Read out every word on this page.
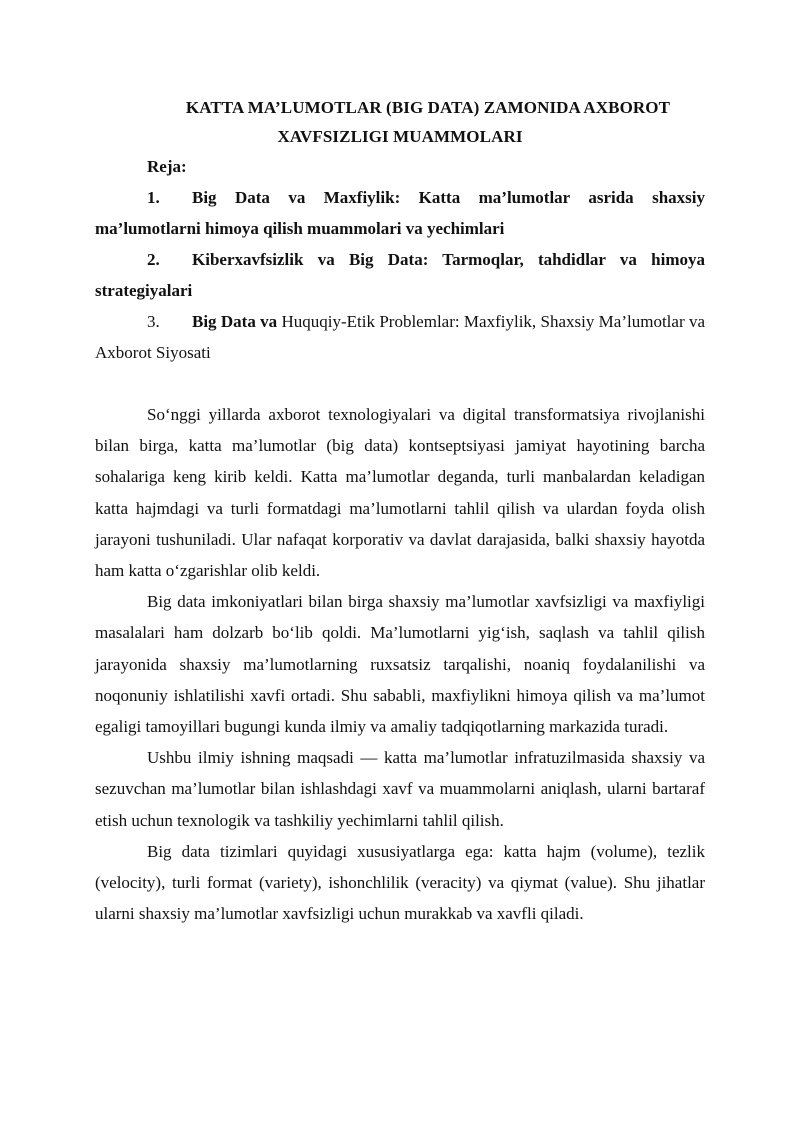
KATTA MA’LUMOTLAR (BIG DATA) ZAMONIDA AXBOROT
XAVFSIZLIGI MUAMMOLARI

Reja:

1. Big Data va Maxfiylik: Katta ma’lumotlar asrida shaxsiy ma’lumotlarni himoya qilish muammolari va yechimlari

2. Kiberxavfsizlik va Big Data: Tarmoqlar, tahdidlar va himoya strategiyalari

3. Big Data va Huquqiy-Etik Problemlar: Maxfiylik, Shaxsiy Ma’lumotlar va Axborot Siyosati

So‘nggi yillarda axborot texnologiyalari va digital transformatsiya rivojlanishi bilan birga, katta ma’lumotlar (big data) kontseptsiyasi jamiyat hayotining barcha sohalariga keng kirib keldi. Katta ma’lumotlar deganda, turli manbalardan keladigan katta hajmdagi va turli formatdagi ma’lumotlarni tahlil qilish va ulardan foyda olish jarayoni tushuniladi. Ular nafaqat korporativ va davlat darajasida, balki shaxsiy hayotda ham katta o‘zgarishlar olib keldi.

Big data imkoniyatlari bilan birga shaxsiy ma’lumotlar xavfsizligi va maxfiyligi masalalari ham dolzarb bo‘lib qoldi. Ma’lumotlarni yig‘ish, saqlash va tahlil qilish jarayonida shaxsiy ma’lumotlarning ruxsatsiz tarqalishi, noaniq foydalanilishi va noqonuniy ishlatilishi xavfi ortadi. Shu sababli, maxfiylikni himoya qilish va ma’lumot egaligi tamoyillari bugungi kunda ilmiy va amaliy tadqiqotlarning markazida turadi.

Ushbu ilmiy ishning maqsadi — katta ma’lumotlar infratuzilmasida shaxsiy va sezuvchan ma’lumotlar bilan ishlashdagi xavf va muammolarni aniqlash, ularni bartaraf etish uchun texnologik va tashkiliy yechimlarni tahlil qilish.

Big data tizimlari quyidagi xususiyatlarga ega: katta hajm (volume), tezlik (velocity), turli format (variety), ishonchlilik (veracity) va qiymat (value). Shu jihatlar ularni shaxsiy ma’lumotlar xavfsizligi uchun murakkab va xavfli qiladi.
